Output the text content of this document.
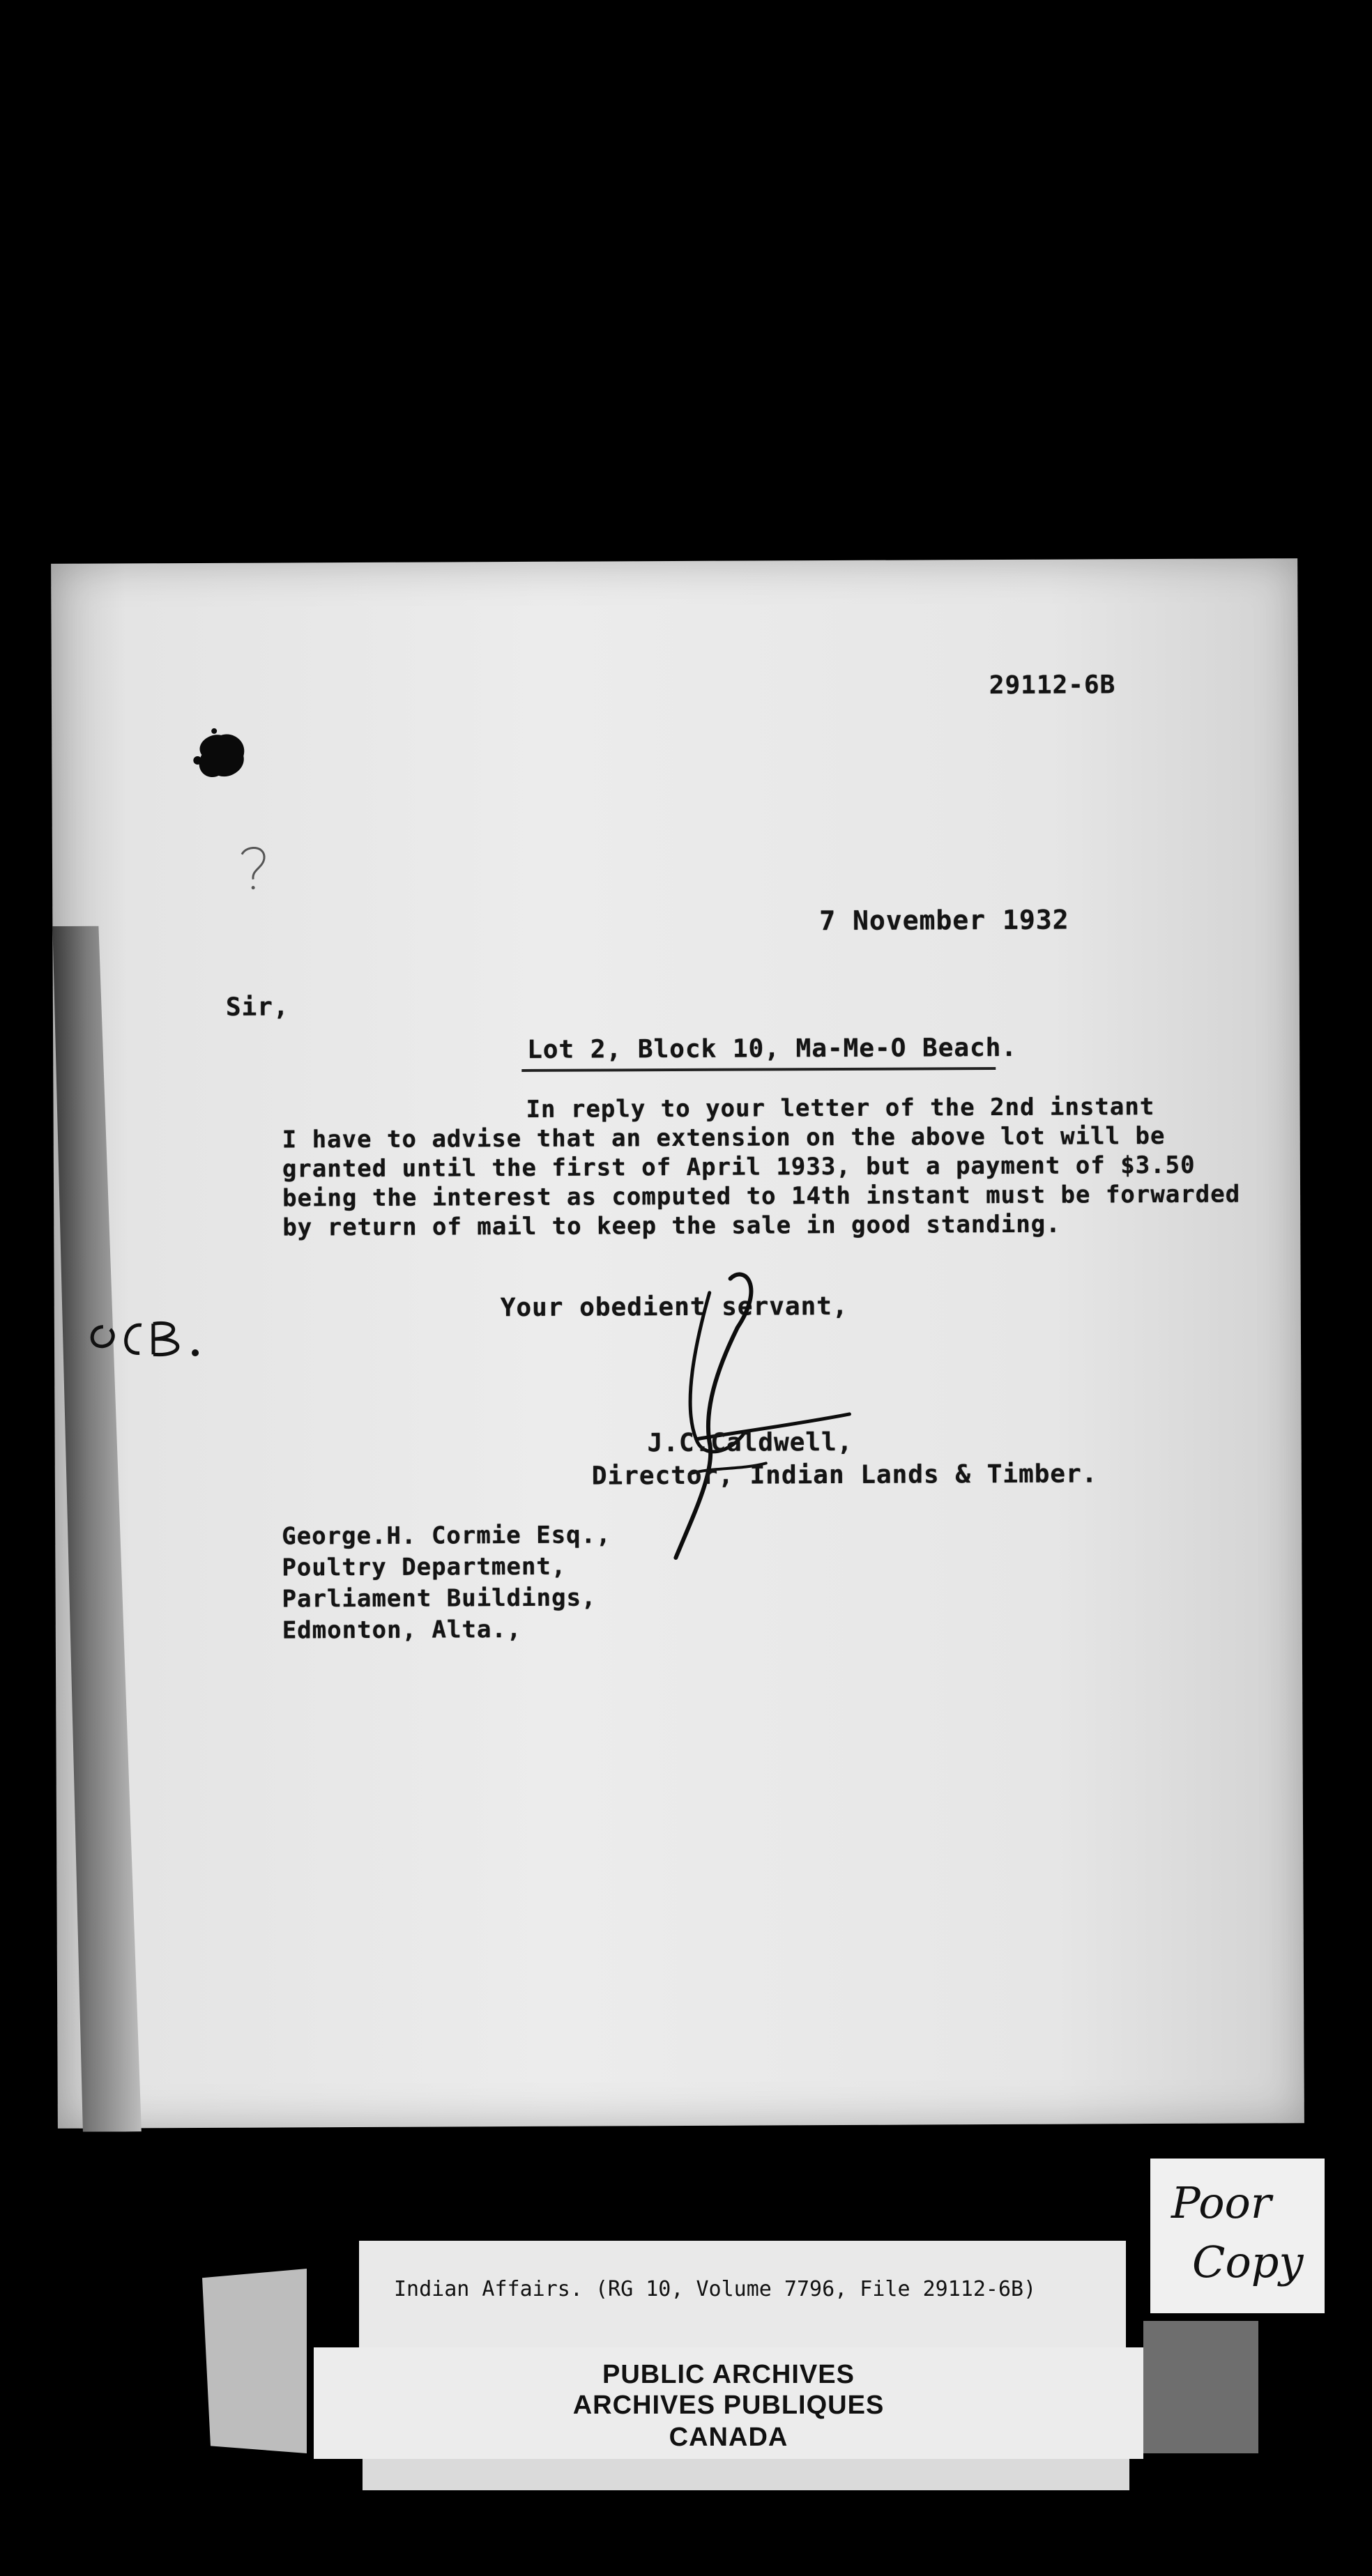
29112-6B

7 November 1932

Sir,

Lot 2, Block 10, Ma-Me-O Beach.

In reply to your letter of the 2nd instant
I have to advise that an extension on the above lot will be
granted until the first of April 1933, but a payment of $3.50
being the interest as computed to 14th instant must be forwarded
by return of mail to keep the sale in good standing.

Your obedient servant,

J.C.Caldwell,

Director, Indian Lands & Timber.

George.H. Cormie Esq.,
Poultry Department,
Parliament Buildings,
Edmonton, Alta.,
Poor
Copy
Indian Affairs. (RG 10, Volume 7796, File 29112-6B)
PUBLIC ARCHIVES
ARCHIVES PUBLIQUES
CANADA
